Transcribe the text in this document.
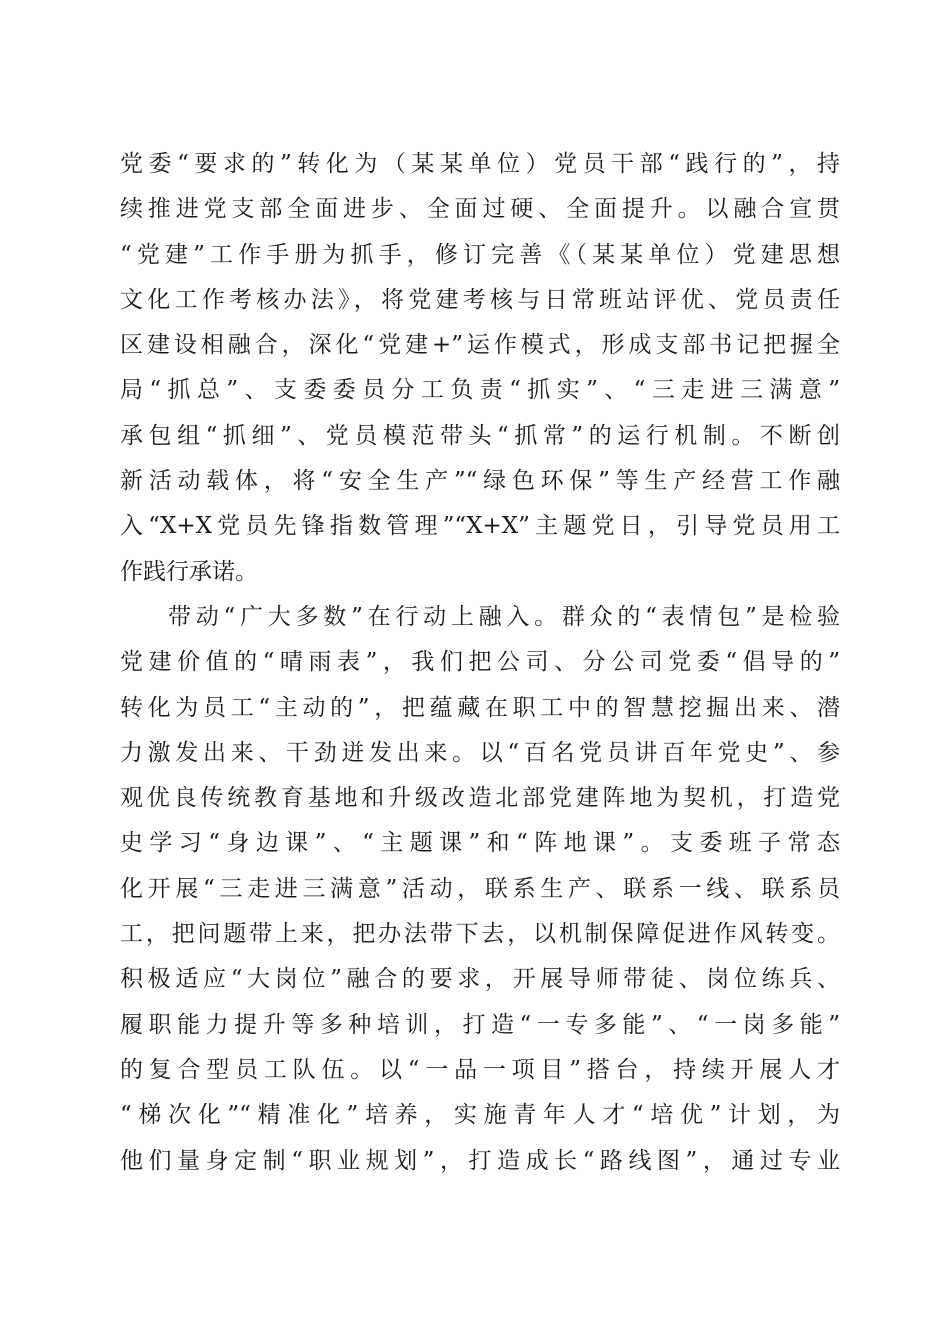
党委“要求的”转化为（某某单位）党员干部“践行的”，持
续推进党支部全面进步、全面过硬、全面提升。以融合宣贯
“党建”工作手册为抓手，修订完善《（某某单位）党建思想
文化工作考核办法》，将党建考核与日常班站评优、党员责任
区建设相融合，深化“党建+”运作模式，形成支部书记把握全
局“抓总”、支委委员分工负责“抓实”、“三走进三满意”
承包组“抓细”、党员模范带头“抓常”的运行机制。不断创
新活动载体，将“安全生产”“绿色环保”等生产经营工作融
入“X+X党员先锋指数管理”“X+X”主题党日，引导党员用工
作践行承诺。
带动“广大多数”在行动上融入。群众的“表情包”是检验
党建价值的“晴雨表”，我们把公司、分公司党委“倡导的”
转化为员工“主动的”，把蕴藏在职工中的智慧挖掘出来、潜
力激发出来、干劲迸发出来。以“百名党员讲百年党史”、参
观优良传统教育基地和升级改造北部党建阵地为契机，打造党
史学习“身边课”、“主题课”和“阵地课”。支委班子常态
化开展“三走进三满意”活动，联系生产、联系一线、联系员
工，把问题带上来，把办法带下去，以机制保障促进作风转变。
积极适应“大岗位”融合的要求，开展导师带徒、岗位练兵、
履职能力提升等多种培训，打造“一专多能”、“一岗多能”
的复合型员工队伍。以“一品一项目”搭台，持续开展人才
“梯次化”“精准化”培养，实施青年人才“培优”计划，为
他们量身定制“职业规划”，打造成长“路线图”，通过专业
